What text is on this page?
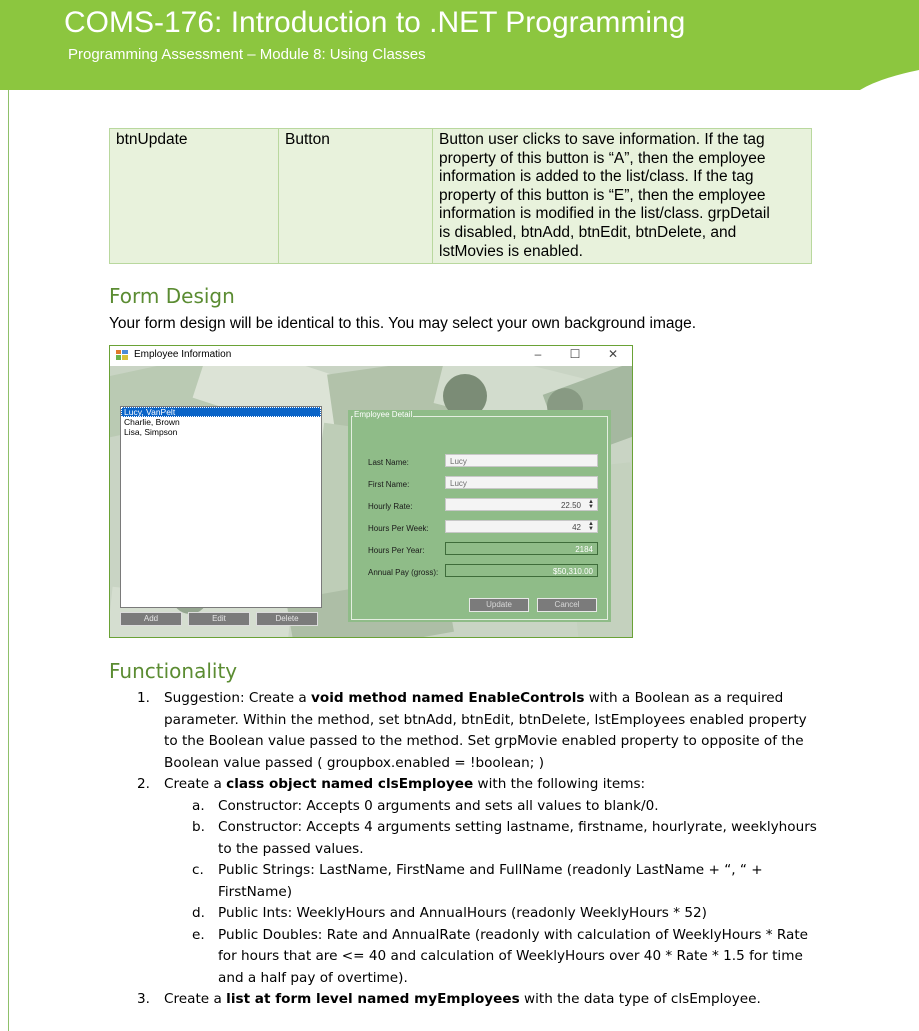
COMS-176: Introduction to .NET Programming
Programming Assessment – Module 8: Using Classes
btnUpdate	Button	Button user clicks to save information. If the tag
property of this button is “A”, then the employee
information is added to the list/class. If the tag
property of this button is “E”, then the employee
information is modified in the list/class. grpDetail
is disabled, btnAdd, btnEdit, btnDelete, and
lstMovies is enabled.
Form Design
Your form design will be identical to this. You may select your own background image.
Employee Information	–	☐	✕
Lucy, VanPelt
Charlie, Brown
Lisa, Simpson
Add	Edit	Delete
Employee Detail
Last Name:	Lucy
First Name:	Lucy
Hourly Rate:	22.50 ▲
▼
Hours Per Week:	42 ▲
▼
Hours Per Year:	2184
Annual Pay (gross):	$50,310.00
Update	Cancel
Functionality
1. Suggestion: Create a void method named EnableControls with a Boolean as a required
parameter. Within the method, set btnAdd, btnEdit, btnDelete, lstEmployees enabled property
to the Boolean value passed to the method. Set grpMovie enabled property to opposite of the
Boolean value passed ( groupbox.enabled = !boolean; )
2. Create a class object named clsEmployee with the following items:
a. Constructor: Accepts 0 arguments and sets all values to blank/0.
b. Constructor: Accepts 4 arguments setting lastname, firstname, hourlyrate, weeklyhours
to the passed values.
c. Public Strings: LastName, FirstName and FullName (readonly LastName + “, “ +
FirstName)
d. Public Ints: WeeklyHours and AnnualHours (readonly WeeklyHours * 52)
e. Public Doubles: Rate and AnnualRate (readonly with calculation of WeeklyHours * Rate
for hours that are <= 40 and calculation of WeeklyHours over 40 * Rate * 1.5 for time
and a half pay of overtime).
3. Create a list at form level named myEmployees with the data type of clsEmployee.
